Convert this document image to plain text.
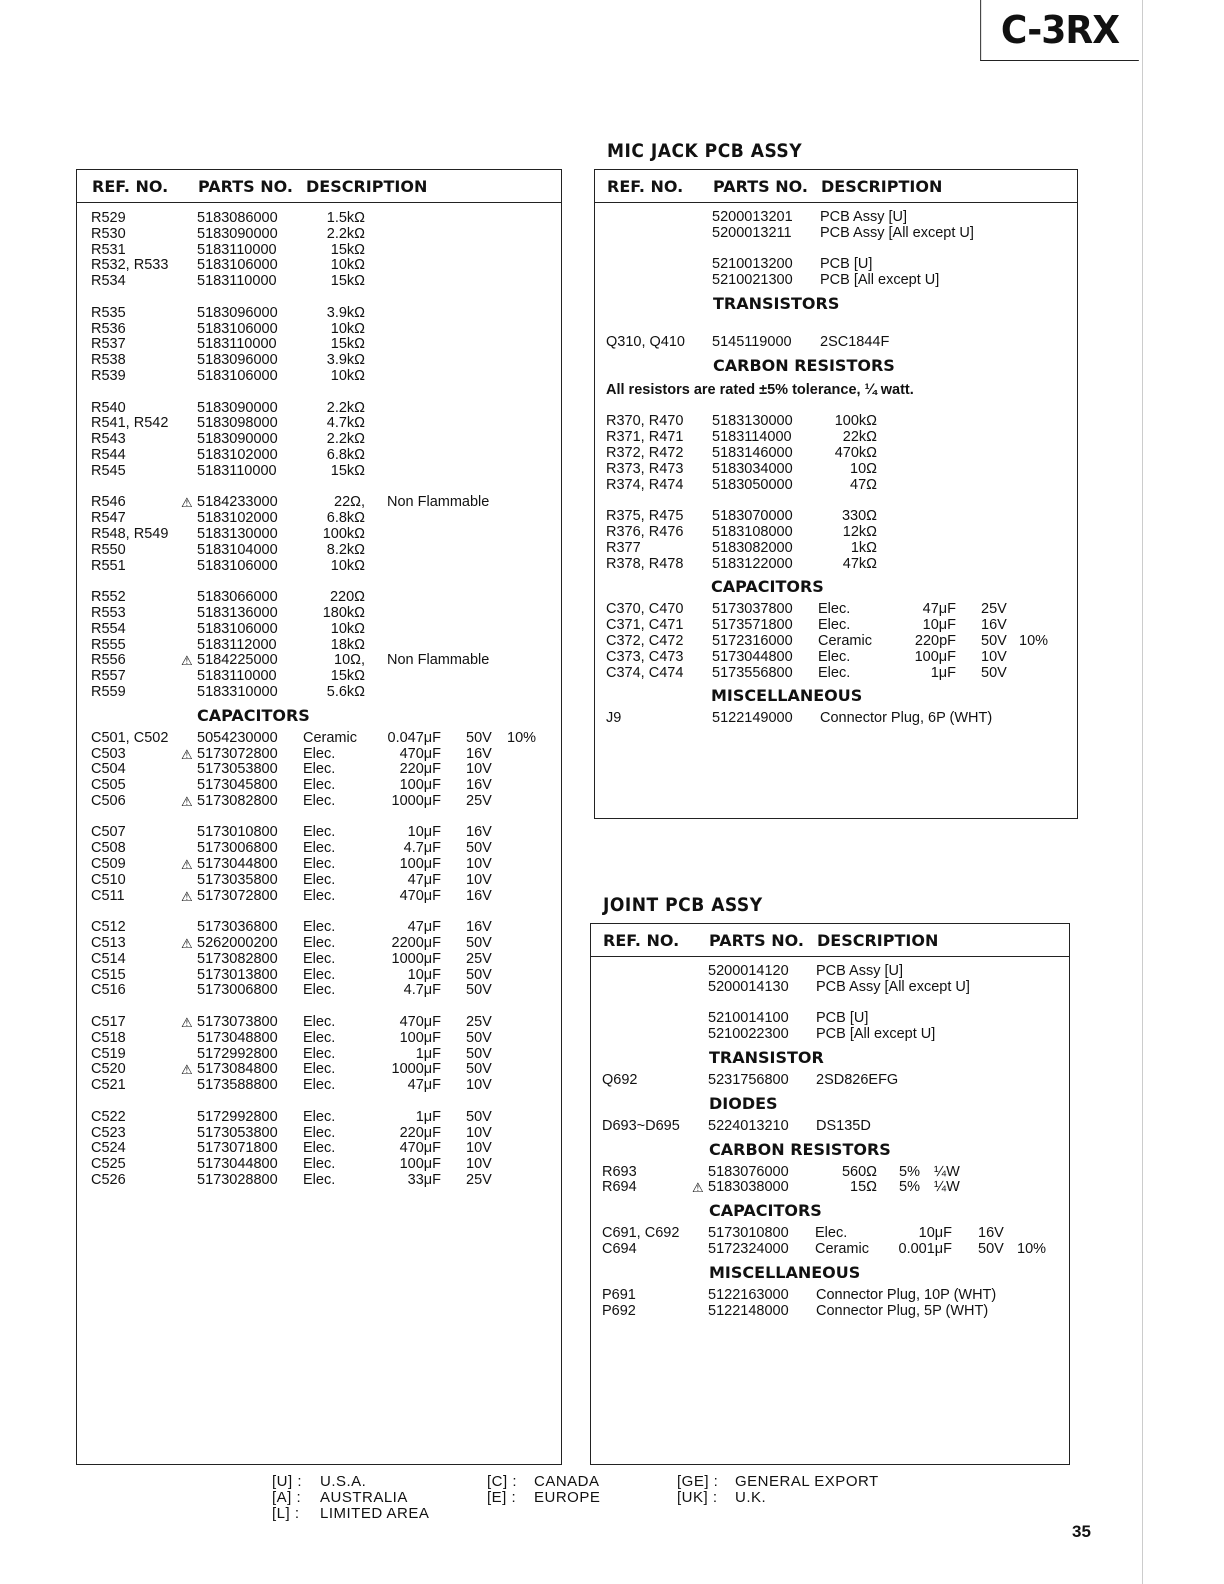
C-3RX
REF. NO. PARTS NO. DESCRIPTION
R529	5183086000	1.5kΩ
R530	5183090000	2.2kΩ
R531	5183110000	15kΩ
R532, R533 5183106000	10kΩ
R534	5183110000	15kΩ
R535	5183096000	3.9kΩ
R536	5183106000	10kΩ
R537	5183110000	15kΩ
R538	5183096000	3.9kΩ
R539	5183106000	10kΩ
R540	5183090000	2.2kΩ
R541, R542 5183098000	4.7kΩ
R543	5183090000	2.2kΩ
R544	5183102000	6.8kΩ
R545	5183110000	15kΩ
R546	⚠ 5184233000	22Ω, Non Flammable
R547	5183102000	6.8kΩ
R548, R549 5183130000	100kΩ
R550	5183104000	8.2kΩ
R551	5183106000	10kΩ
R552	5183066000	220Ω
R553	5183136000	180kΩ
R554	5183106000	10kΩ
R555	5183112000	18kΩ
R556	⚠ 5184225000	10Ω, Non Flammable
R557	5183110000	15kΩ
R559	5183310000	5.6kΩ
CAPACITORS
C501, C502 5054230000 Ceramic	0.047μF 50V 10%
C503	⚠ 5173072800 Elec.	470μF 16V
C504	5173053800 Elec.	220μF 10V
C505	5173045800 Elec.	100μF 16V
C506	⚠ 5173082800 Elec.	1000μF 25V
C507	5173010800 Elec.	10μF 16V
C508	5173006800 Elec.	4.7μF 50V
C509	⚠ 5173044800 Elec.	100μF 10V
C510	5173035800 Elec.	47μF 10V
C511	⚠ 5173072800 Elec.	470μF 16V
C512	5173036800 Elec.	47μF 16V
C513	⚠ 5262000200 Elec.	2200μF 50V
C514	5173082800 Elec.	1000μF 25V
C515	5173013800 Elec.	10μF 50V
C516	5173006800 Elec.	4.7μF 50V
C517	⚠ 5173073800 Elec.	470μF 25V
C518	5173048800 Elec.	100μF 50V
C519	5172992800 Elec.	1μF 50V
C520	⚠ 5173084800 Elec.	1000μF 50V
C521	5173588800 Elec.	47μF 10V
C522	5172992800 Elec.	1μF 50V
C523	5173053800 Elec.	220μF 10V
C524	5173071800 Elec.	470μF 10V
C525	5173044800 Elec.	100μF 10V
C526	5173028800 Elec.	33μF 25V
MIC JACK PCB ASSY
REF. NO. PARTS NO. DESCRIPTION
5200013201 PCB Assy [U]
5200013211 PCB Assy [All except U]
5210013200 PCB [U]
5210021300 PCB [All except U]
TRANSISTORS
Q310, Q410 5145119000 2SC1844F
CARBON RESISTORS
All resistors are rated ±5% tolerance, ¼ watt.
R370, R470 5183130000	100kΩ
R371, R471 5183114000	22kΩ
R372, R472 5183146000	470kΩ
R373, R473 5183034000	10Ω
R374, R474 5183050000	47Ω
R375, R475 5183070000	330Ω
R376, R476 5183108000	12kΩ
R377	5183082000	1kΩ
R378, R478 5183122000	47kΩ
CAPACITORS
C370, C470 5173037800 Elec.	47μF 25V
C371, C471 5173571800 Elec.	10μF 16V
C372, C472 5172316000 Ceramic	220pF 50V 10%
C373, C473 5173044800 Elec.	100μF 10V
C374, C474 5173556800 Elec.	1μF 50V
MISCELLANEOUS
J9	5122149000 Connector Plug, 6P (WHT)
JOINT PCB ASSY
REF. NO. PARTS NO. DESCRIPTION
5200014120 PCB Assy [U]
5200014130 PCB Assy [All except U]
5210014100 PCB [U]
5210022300 PCB [All except U]
TRANSISTOR
Q692	5231756800 2SD826EFG
DIODES
D693~D695 5224013210 DS135D
CARBON RESISTORS
R693	5183076000	560Ω 5% ¼W
R694	⚠ 5183038000	15Ω 5% ¼W
CAPACITORS
C691, C692 5173010800 Elec.	10μF 16V
C694	5172324000 Ceramic	0.001μF 50V 10%
MISCELLANEOUS
P691	5122163000 Connector Plug, 10P (WHT)
P692	5122148000 Connector Plug, 5P (WHT)
[U] : U.S.A.
[A] : AUSTRALIA
[L] : LIMITED AREA
[C] : CANADA
[E] : EUROPE
[GE] : GENERAL EXPORT
[UK] : U.K.
35
